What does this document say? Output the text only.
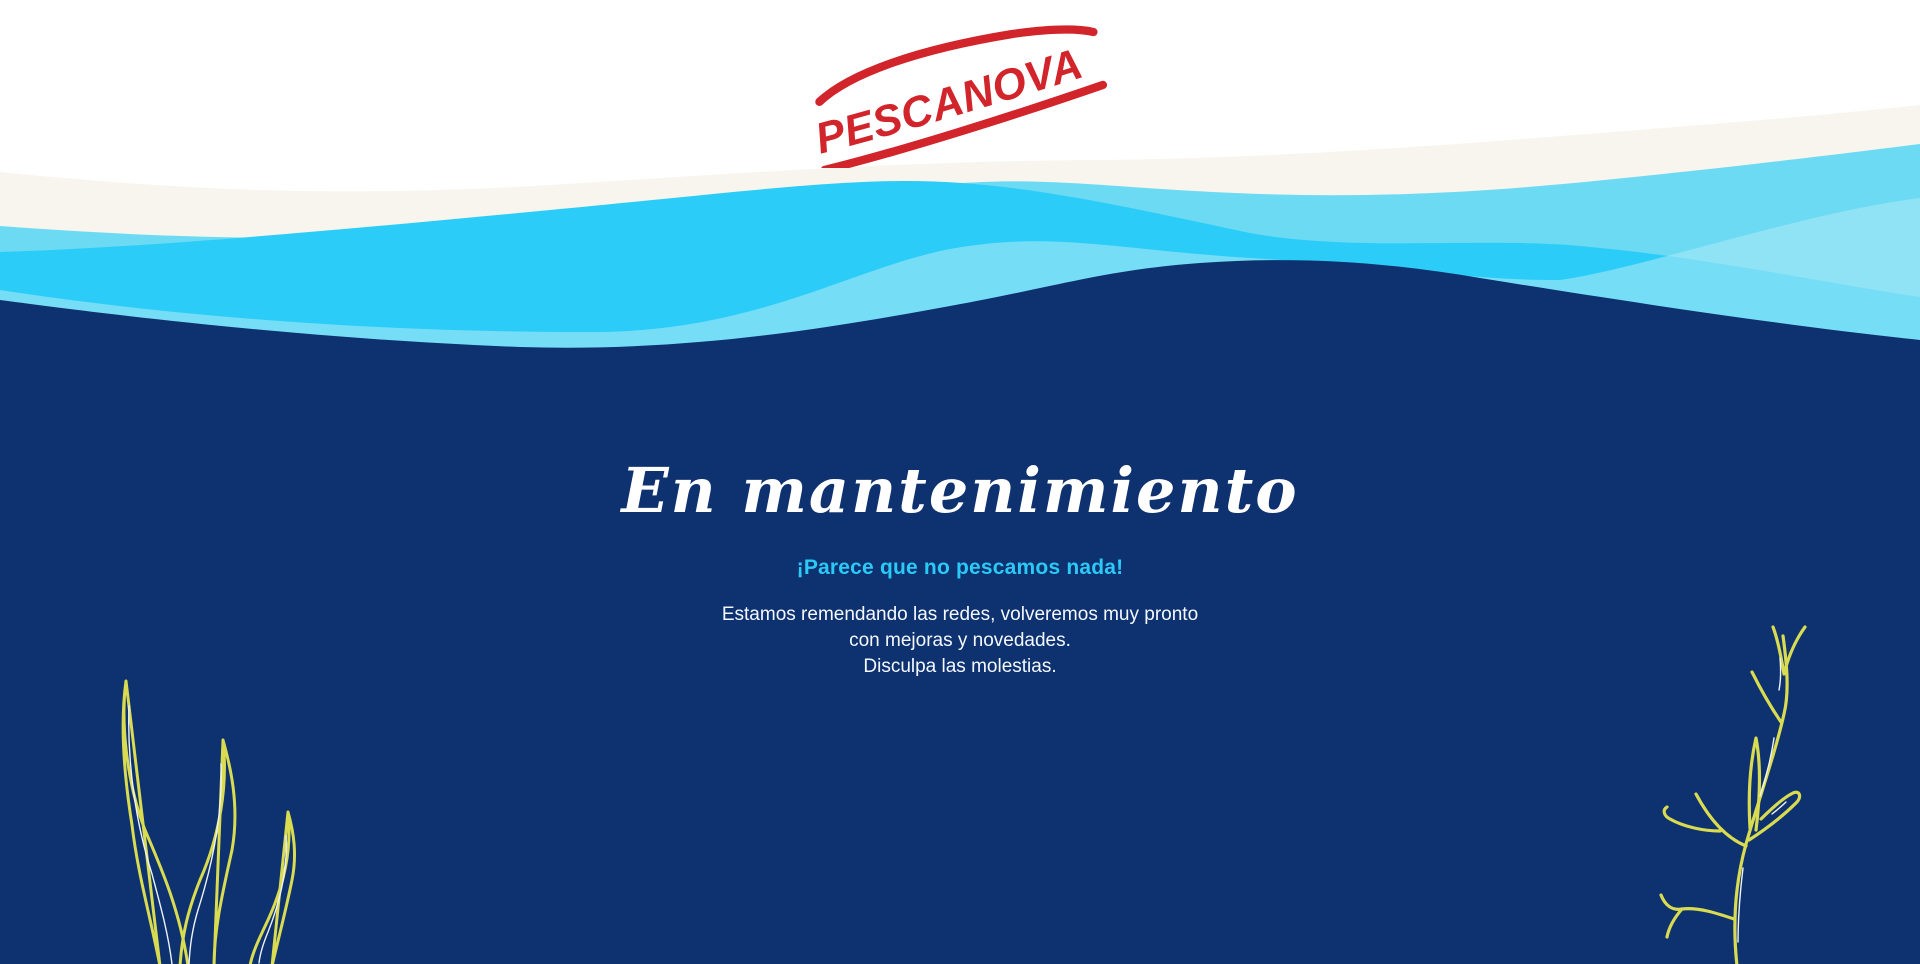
PESCANOVA
En mantenimiento
¡Parece que no pescamos nada!
Estamos remendando las redes, volveremos muy pronto con mejoras y novedades.
Disculpa las molestias.
